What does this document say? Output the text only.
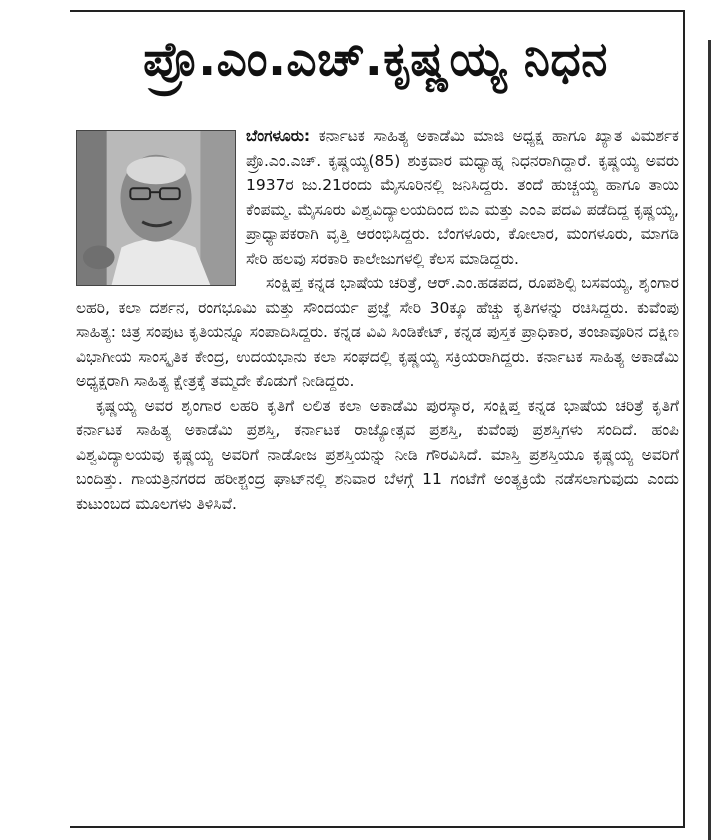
ಪ್ರೊ.ಎಂ.ಎಚ್.ಕೃಷ್ಣಯ್ಯ ನಿಧನ

ಬೆಂಗಳೂರು: ಕರ್ನಾಟಕ ಸಾಹಿತ್ಯ ಅಕಾಡೆಮಿ ಮಾಜಿ ಅಧ್ಯಕ್ಷ ಹಾಗೂ ಖ್ಯಾತ ವಿಮರ್ಶಕ ಪ್ರೊ.ಎಂ.ಎಚ್. ಕೃಷ್ಣಯ್ಯ(85) ಶುಕ್ರವಾರ ಮಧ್ಯಾಹ್ನ ನಿಧನರಾಗಿದ್ದಾರೆ. ಕೃಷ್ಣಯ್ಯ ಅವರು 1937ರ ಜು.21ರಂದು ಮೈಸೂರಿನಲ್ಲಿ ಜನಿಸಿದ್ದರು. ತಂದೆ ಹುಚ್ಚಯ್ಯ ಹಾಗೂ ತಾಯಿ ಕೆಂಪಮ್ಮ. ಮೈಸೂರು ವಿಶ್ವವಿದ್ಯಾಲಯದಿಂದ ಬಿಎ ಮತ್ತು ಎಂಎ ಪದವಿ ಪಡೆದಿದ್ದ ಕೃಷ್ಣಯ್ಯ, ಪ್ರಾಧ್ಯಾಪಕರಾಗಿ ವೃತ್ತಿ ಆರಂಭಿಸಿದ್ದರು. ಬೆಂಗಳೂರು, ಕೋಲಾರ, ಮಂಗಳೂರು, ಮಾಗಡಿ ಸೇರಿ ಹಲವು ಸರಕಾರಿ ಕಾಲೇಜುಗಳಲ್ಲಿ ಕೆಲಸ ಮಾಡಿದ್ದರು.

ಸಂಕ್ಷಿಪ್ತ ಕನ್ನಡ ಭಾಷೆಯ ಚರಿತ್ರೆ, ಆರ್.ಎಂ.ಹಡಪದ, ರೂಪಶಿಲ್ಪಿ ಬಸವಯ್ಯ, ಶೃಂಗಾರ ಲಹರಿ, ಕಲಾ ದರ್ಶನ, ರಂಗಭೂಮಿ ಮತ್ತು ಸೌಂದರ್ಯ ಪ್ರಜ್ಞೆ ಸೇರಿ 30ಕ್ಕೂ ಹೆಚ್ಚು ಕೃತಿಗಳನ್ನು ರಚಿಸಿದ್ದರು. ಕುವೆಂಪು ಸಾಹಿತ್ಯ: ಚಿತ್ರ ಸಂಪುಟ ಕೃತಿಯನ್ನೂ ಸಂಪಾದಿಸಿದ್ದರು. ಕನ್ನಡ ವಿವಿ ಸಿಂಡಿಕೇಟ್, ಕನ್ನಡ ಪುಸ್ತಕ ಪ್ರಾಧಿಕಾರ, ತಂಜಾವೂರಿನ ದಕ್ಷಿಣ ವಿಭಾಗೀಯ ಸಾಂಸ್ಕೃತಿಕ ಕೇಂದ್ರ, ಉದಯಭಾನು ಕಲಾ ಸಂಘದಲ್ಲಿ ಕೃಷ್ಣಯ್ಯ ಸಕ್ರಿಯರಾಗಿದ್ದರು. ಕರ್ನಾಟಕ ಸಾಹಿತ್ಯ ಅಕಾಡೆಮಿ ಅಧ್ಯಕ್ಷರಾಗಿ ಸಾಹಿತ್ಯ ಕ್ಷೇತ್ರಕ್ಕೆ ತಮ್ಮದೇ ಕೊಡುಗೆ ನೀಡಿದ್ದರು.

ಕೃಷ್ಣಯ್ಯ ಅವರ ಶೃಂಗಾರ ಲಹರಿ ಕೃತಿಗೆ ಲಲಿತ ಕಲಾ ಅಕಾಡೆಮಿ ಪುರಸ್ಕಾರ, ಸಂಕ್ಷಿಪ್ತ ಕನ್ನಡ ಭಾಷೆಯ ಚರಿತ್ರೆ ಕೃತಿಗೆ ಕರ್ನಾಟಕ ಸಾಹಿತ್ಯ ಅಕಾಡೆಮಿ ಪ್ರಶಸ್ತಿ, ಕರ್ನಾಟಕ ರಾಜ್ಯೋತ್ಸವ ಪ್ರಶಸ್ತಿ, ಕುವೆಂಪು ಪ್ರಶಸ್ತಿಗಳು ಸಂದಿದೆ. ಹಂಪಿ ವಿಶ್ವವಿದ್ಯಾಲಯವು ಕೃಷ್ಣಯ್ಯ ಅವರಿಗೆ ನಾಡೋಜ ಪ್ರಶಸ್ತಿಯನ್ನು ನೀಡಿ ಗೌರವಿಸಿದೆ. ಮಾಸ್ತಿ ಪ್ರಶಸ್ತಿಯೂ ಕೃಷ್ಣಯ್ಯ ಅವರಿಗೆ ಬಂದಿತ್ತು. ಗಾಯತ್ರಿನಗರದ ಹರೀಶ್ಚಂದ್ರ ಘಾಟ್‌ನಲ್ಲಿ ಶನಿವಾರ ಬೆಳಗ್ಗೆ 11 ಗಂಟೆಗೆ ಅಂತ್ಯಕ್ರಿಯೆ ನಡೆಸಲಾಗುವುದು ಎಂದು ಕುಟುಂಬದ ಮೂಲಗಳು ತಿಳಿಸಿವೆ.
